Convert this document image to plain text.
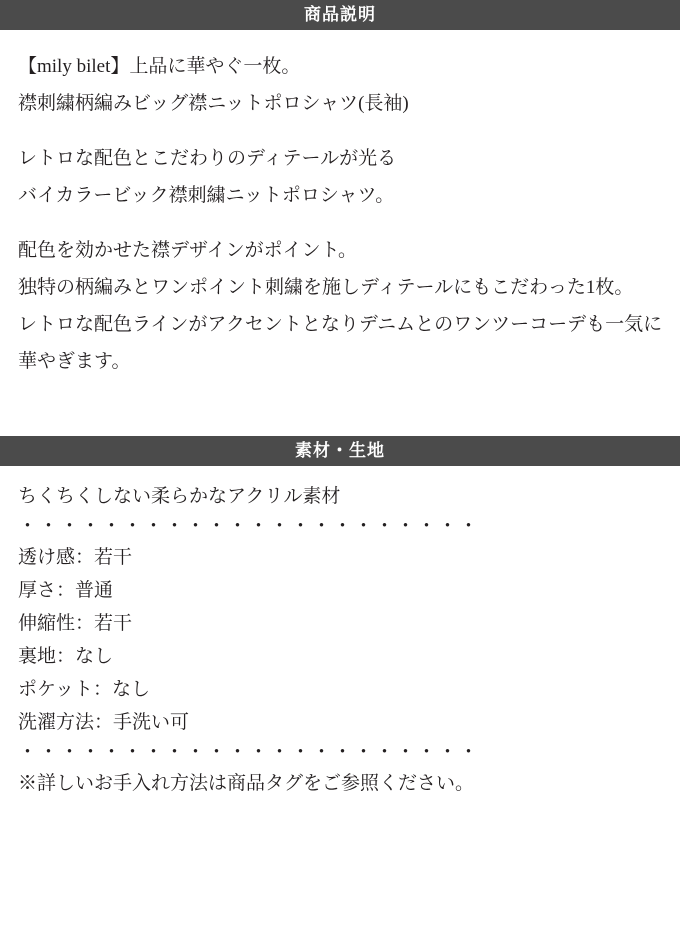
商品説明
【mily bilet】上品に華やぐ一枚。
襟刺繍柄編みビッグ襟ニットポロシャツ(長袖)
レトロな配色とこだわりのディテールが光る
バイカラービック襟刺繍ニットポロシャツ。
配色を効かせた襟デザインがポイント。
独特の柄編みとワンポイント刺繍を施しディテールにもこだわった1枚。
レトロな配色ラインがアクセントとなりデニムとのワンツーコーデも一気に
華やぎます。
素材・生地
ちくちくしない柔らかなアクリル素材
・・・・・・・・・・・・・・・・・・・・・・
透け感：若干
厚さ：普通
伸縮性：若干
裏地：なし
ポケット：なし
洗濯方法：手洗い可
・・・・・・・・・・・・・・・・・・・・・・
※詳しいお手入れ方法は商品タグをご参照ください。
